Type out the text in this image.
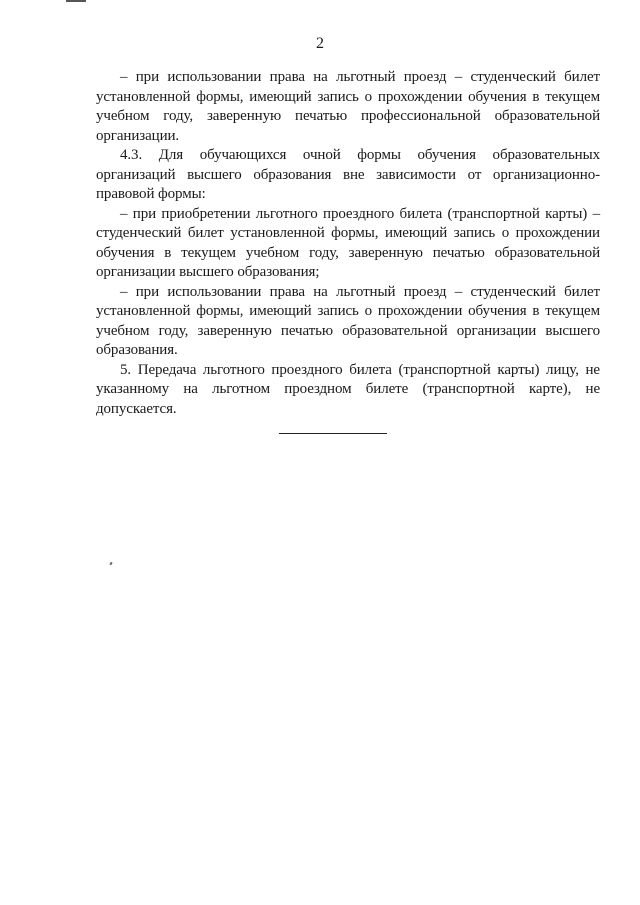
2

– при использовании права на льготный проезд – студенческий билет установленной формы, имеющий запись о прохождении обучения в текущем учебном году, заверенную печатью профессиональной образовательной организации.

4.3. Для обучающихся очной формы обучения образовательных организаций высшего образования вне зависимости от организационно-правовой формы:

– при приобретении льготного проездного билета (транспортной карты) – студенческий билет установленной формы, имеющий запись о прохождении обучения в текущем учебном году, заверенную печатью образовательной организации высшего образования;

– при использовании права на льготный проезд – студенческий билет установленной формы, имеющий запись о прохождении обучения в текущем учебном году, заверенную печатью образовательной организации высшего образования.

5. Передача льготного проездного билета (транспортной карты) лицу, не указанному на льготном проездном билете (транспортной карте), не допускается.
